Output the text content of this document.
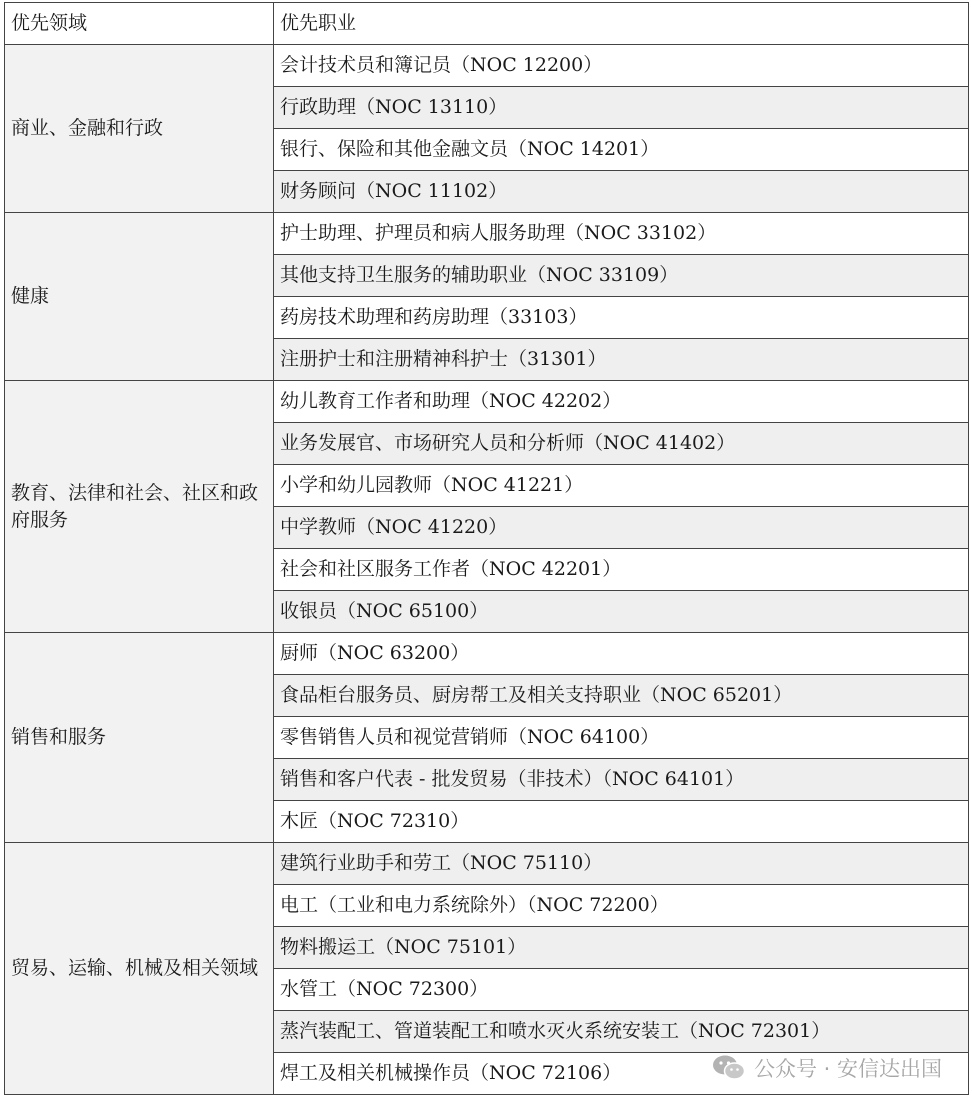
优先领域	优先职业
商业、金融和行政	会计技术员和簿记员（NOC 12200）
	行政助理（NOC 13110）
	银行、保险和其他金融文员（NOC 14201）
	财务顾问（NOC 11102）
健康	护士助理、护理员和病人服务助理（NOC 33102）
	其他支持卫生服务的辅助职业（NOC 33109）
	药房技术助理和药房助理（33103）
	注册护士和注册精神科护士（31301）
教育、法律和社会、社区和政府服务	幼儿教育工作者和助理（NOC 42202）
	业务发展官、市场研究人员和分析师（NOC 41402）
	小学和幼儿园教师（NOC 41221）
	中学教师（NOC 41220）
	社会和社区服务工作者（NOC 42201）
	收银员（NOC 65100）
销售和服务	厨师（NOC 63200）
	食品柜台服务员、厨房帮工及相关支持职业（NOC 65201）
	零售销售人员和视觉营销师（NOC 64100）
	销售和客户代表 - 批发贸易（非技术）（NOC 64101）
	木匠（NOC 72310）
贸易、运输、机械及相关领域	建筑行业助手和劳工（NOC 75110）
	电工（工业和电力系统除外）（NOC 72200）
	物料搬运工（NOC 75101）
	水管工（NOC 72300）
	蒸汽装配工、管道装配工和喷水灭火系统安装工（NOC 72301）
	焊工及相关机械操作员（NOC 72106）	公众号 · 安信达出国
